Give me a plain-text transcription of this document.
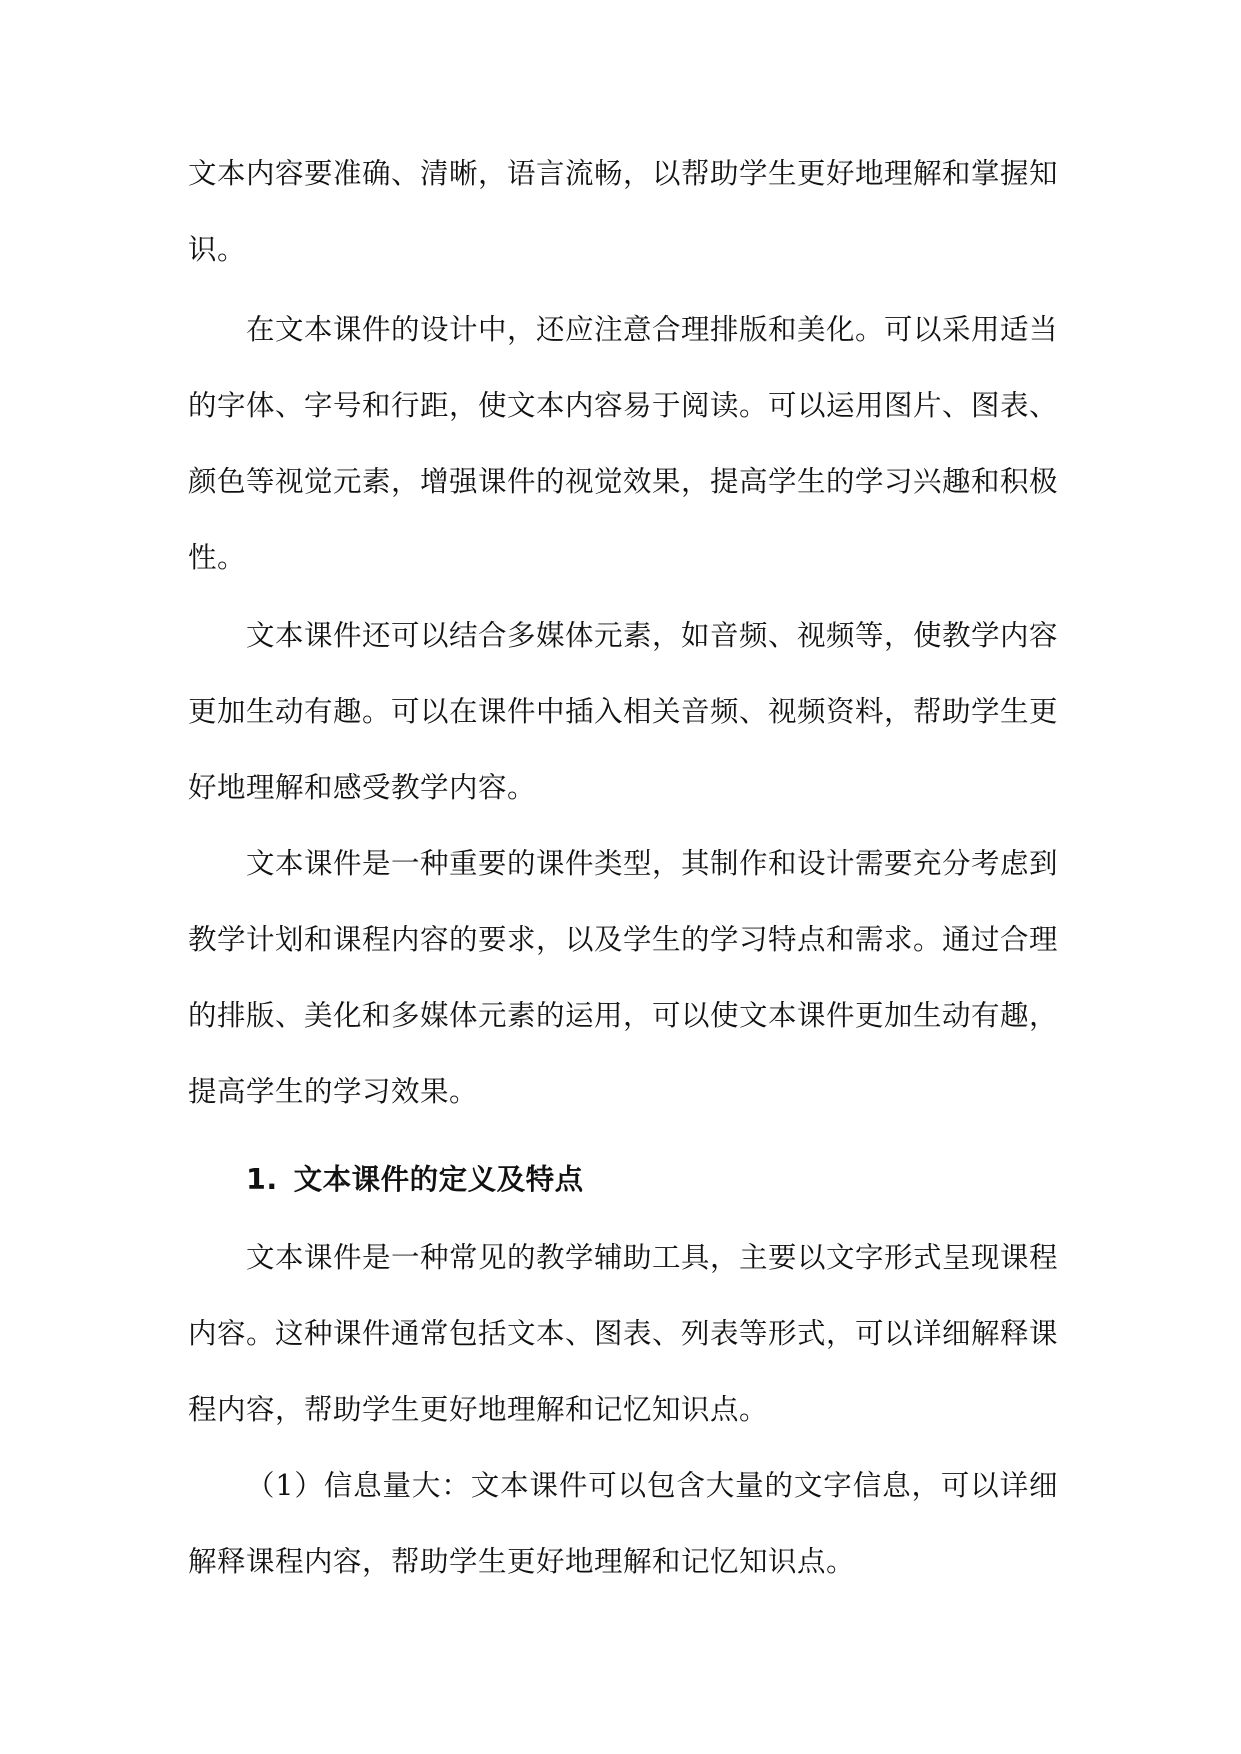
文本内容要准确、清晰，语言流畅，以帮助学生更好地理解和掌握知识。

在文本课件的设计中，还应注意合理排版和美化。可以采用适当的字体、字号和行距，使文本内容易于阅读。可以运用图片、图表、颜色等视觉元素，增强课件的视觉效果，提高学生的学习兴趣和积极性。

文本课件还可以结合多媒体元素，如音频、视频等，使教学内容更加生动有趣。可以在课件中插入相关音频、视频资料，帮助学生更好地理解和感受教学内容。

文本课件是一种重要的课件类型，其制作和设计需要充分考虑到教学计划和课程内容的要求，以及学生的学习特点和需求。通过合理的排版、美化和多媒体元素的运用，可以使文本课件更加生动有趣，提高学生的学习效果。

1. 文本课件的定义及特点

文本课件是一种常见的教学辅助工具，主要以文字形式呈现课程内容。这种课件通常包括文本、图表、列表等形式，可以详细解释课程内容，帮助学生更好地理解和记忆知识点。

（1）信息量大：文本课件可以包含大量的文字信息，可以详细解释课程内容，帮助学生更好地理解和记忆知识点。
